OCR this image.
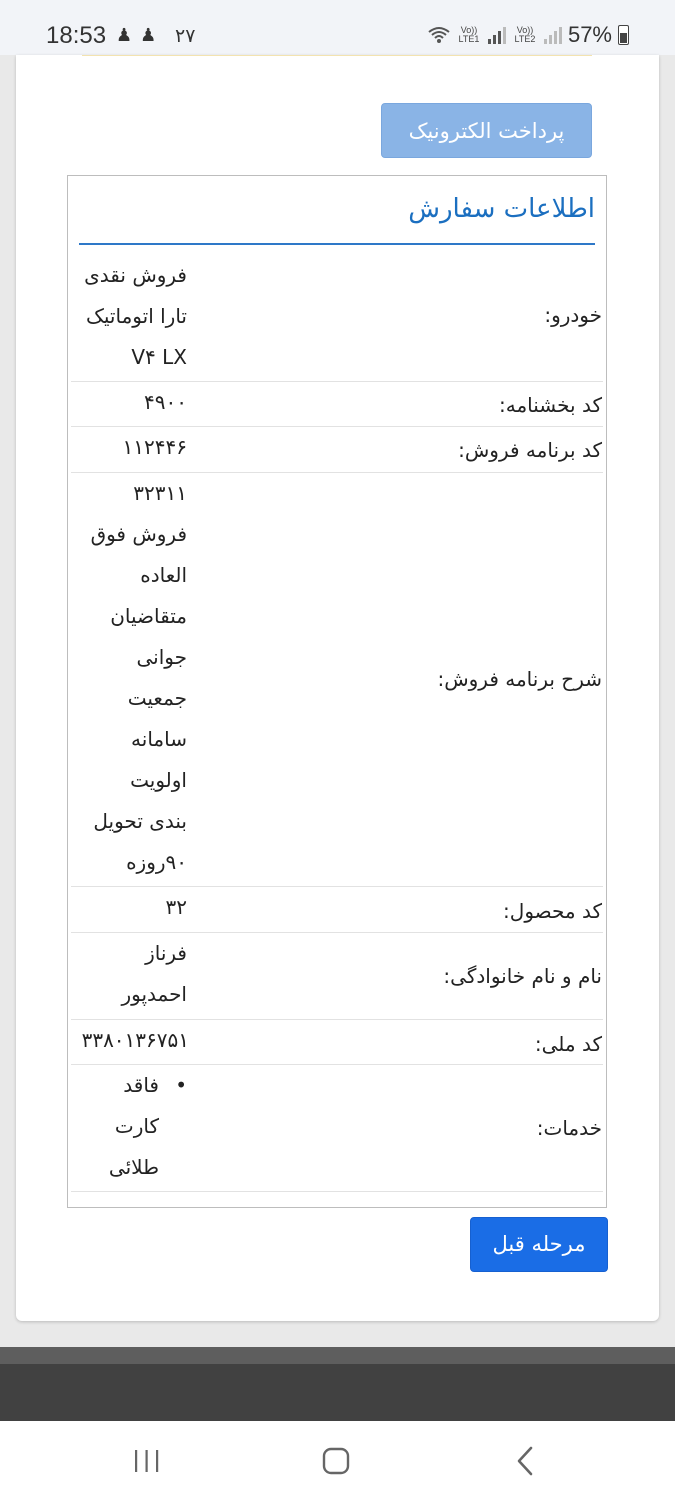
18:53 ♟ ♟ ۲۷	Vo)) LTE1
Vo)) LTE2 57%
پرداخت الکترونیک
اطلاعات سفارش
خودرو:
فروش نقدی
تارا اتوماتیک
V۴ LX
کد بخشنامه:
۴۹۰۰
کد برنامه فروش:
۱۱۲۴۴۶
شرح برنامه فروش:
۳۲۳۱۱
فروش فوق
العاده
متقاضیان
جوانی
جمعیت
سامانه
اولویت
بندی تحویل
۹۰روزه
کد محصول:
۳۲
نام و نام خانوادگی:
فرناز
احمدپور
کد ملی:
۳۳۸۰۱۳۶۷۵۱
خدمات:
•
فاقد
کارت
طلائی
مرحله قبل
